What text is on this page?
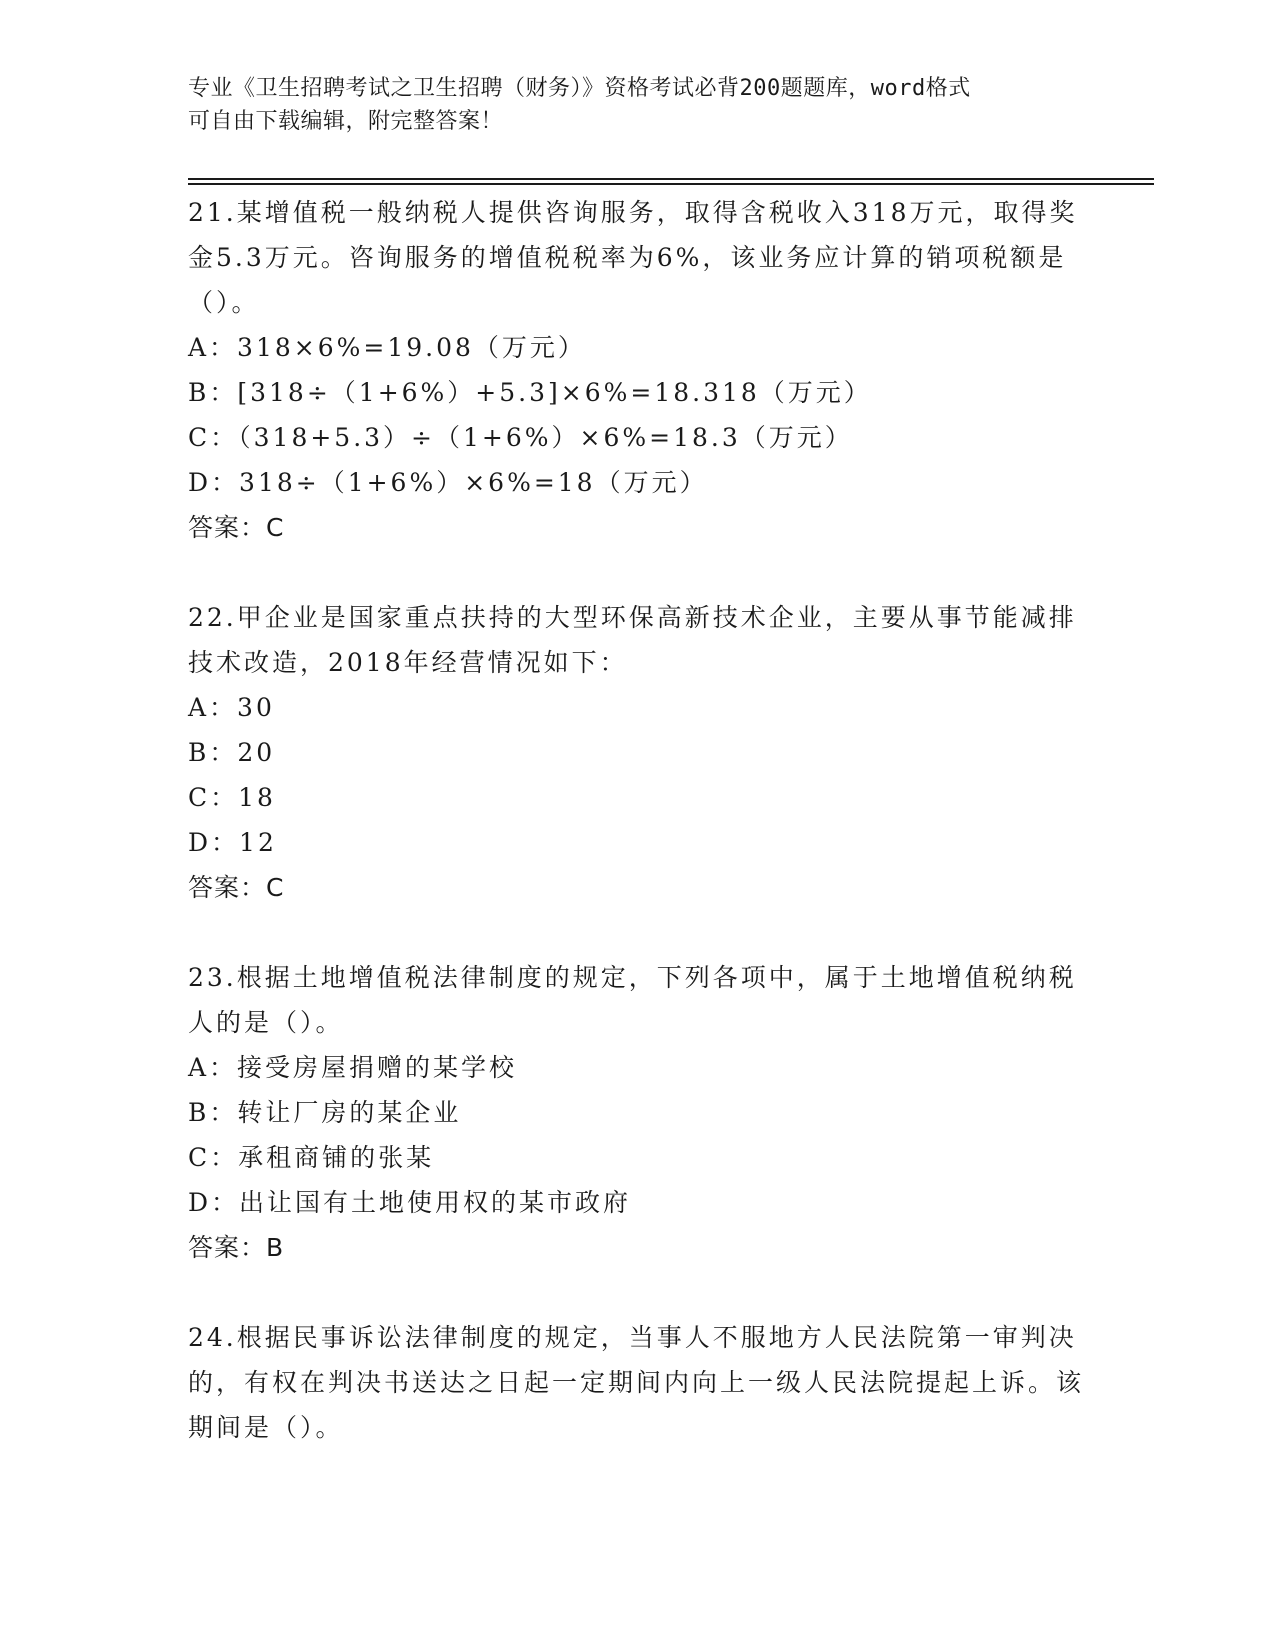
专业《卫生招聘考试之卫生招聘（财务）》资格考试必背200题题库，word格式
可自由下载编辑，附完整答案！

21.某增值税一般纳税人提供咨询服务，取得含税收入318万元，取得奖金5.3万元。咨询服务的增值税税率为6%，该业务应计算的销项税额是（）。

A：318×6%=19.08（万元）

B：[318÷（1+6%）+5.3]×6%=18.318（万元）

C：（318+5.3）÷（1+6%）×6%=18.3（万元）

D：318÷（1+6%）×6%=18（万元）

答案：C

22.甲企业是国家重点扶持的大型环保高新技术企业，主要从事节能减排技术改造，2018年经营情况如下：

A：30

B：20

C：18

D：12

答案：C

23.根据土地增值税法律制度的规定，下列各项中，属于土地增值税纳税人的是（）。

A：接受房屋捐赠的某学校

B：转让厂房的某企业

C：承租商铺的张某

D：出让国有土地使用权的某市政府

答案：B

24.根据民事诉讼法律制度的规定，当事人不服地方人民法院第一审判决的，有权在判决书送达之日起一定期间内向上一级人民法院提起上诉。该期间是（）。
